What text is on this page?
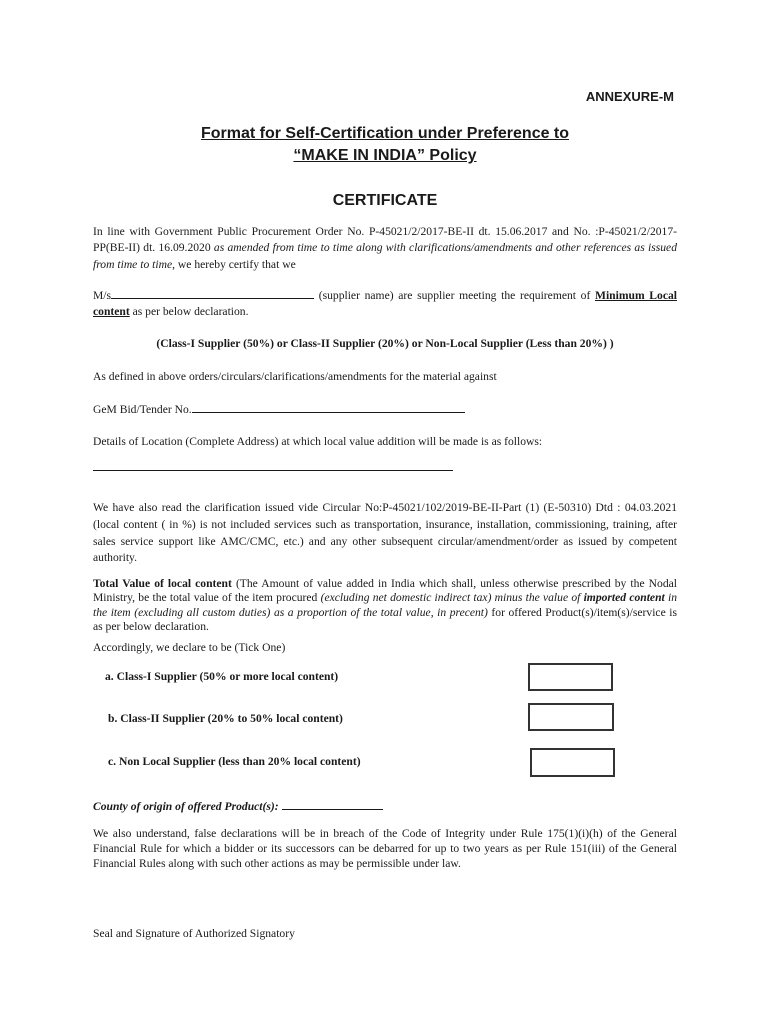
ANNEXURE-M
Format for Self-Certification under Preference to
“MAKE IN INDIA” Policy
CERTIFICATE

In line with Government Public Procurement Order No. P-45021/2/2017-BE-II dt. 15.06.2017 and No. :P-45021/2/2017-PP(BE-II) dt. 16.09.2020 as amended from time to time along with clarifications/amendments and other references as issued from time to time, we hereby certify that we

M/s	(supplier name) are supplier meeting the requirement of Minimum Local content as per below declaration.

(Class-I Supplier (50%) or Class-II Supplier (20%) or Non-Local Supplier (Less than 20%) )
As defined in above orders/circulars/clarifications/amendments for the material against
GeM Bid/Tender No.
Details of Location (Complete Address) at which local value addition will be made is as follows:

We have also read the clarification issued vide Circular No:P-45021/102/2019-BE-II-Part (1) (E-50310) Dtd : 04.03.2021 (local content ( in %) is not included services such as transportation, insurance, installation, commissioning, training, after sales service support like AMC/CMC, etc.) and any other subsequent circular/amendment/order as issued by competent authority.

Total Value of local content (The Amount of value added in India which shall, unless otherwise prescribed by the Nodal Ministry, be the total value of the item procured (excluding net domestic indirect tax) minus the value of imported content in the item (excluding all custom duties) as a proportion of the total value, in precent) for offered Product(s)/item(s)/service is as per below declaration.

Accordingly, we declare to be (Tick One)
a. Class-I Supplier (50% or more local content)
b. Class-II Supplier (20% to 50% local content)
c. Non Local Supplier (less than 20% local content)
County of origin of offered Product(s):

We also understand, false declarations will be in breach of the Code of Integrity under Rule 175(1)(i)(h) of the General Financial Rule for which a bidder or its successors can be debarred for up to two years as per Rule 151(iii) of the General Financial Rules along with such other actions as may be permissible under law.

Seal and Signature of Authorized Signatory
